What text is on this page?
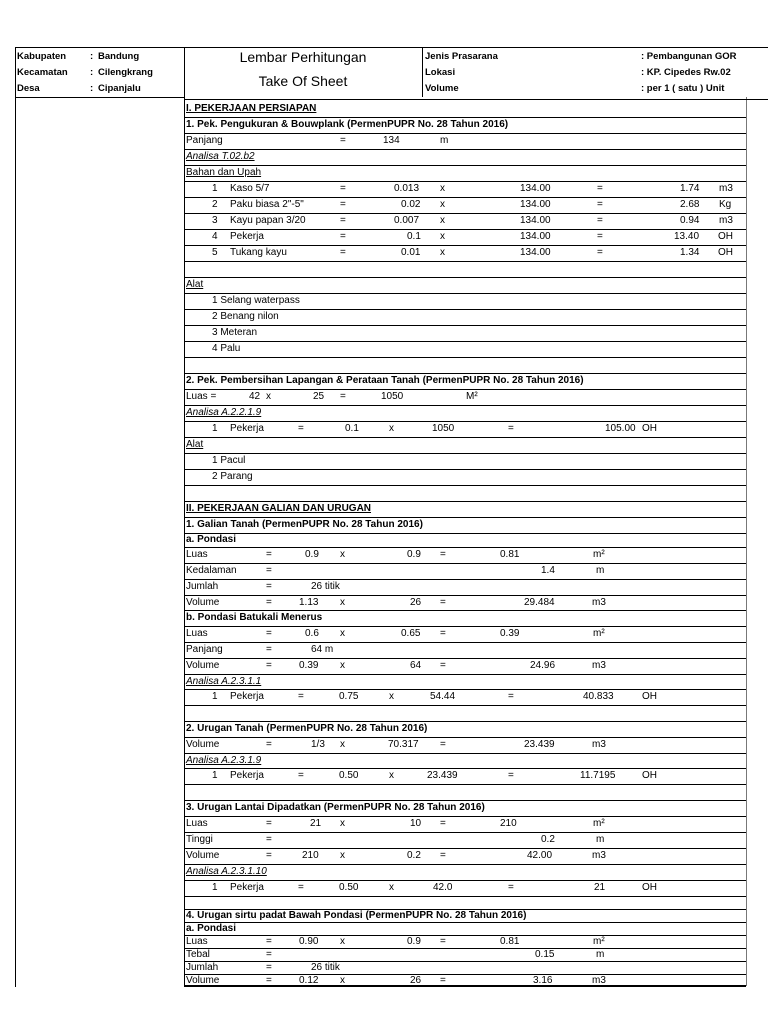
Kabupaten	: Bandung
Kecamatan : Cilengkrang
Desa	: Cipanjalu
Lembar Perhitungan
Take Of Sheet
Jenis Prasarana	: Pembangunan GOR
Lokasi	: KP. Cipedes Rw.02
Volume	: per 1 ( satu ) Unit
I. PEKERJAAN PERSIAPAN
1. Pek. Pengukuran & Bouwplank (PermenPUPR No. 28 Tahun 2016)
Panjang	=	134	m
Analisa T.02.b2
Bahan dan Upah
1 Kaso 5/7	=	0.013 x	134.00	=	1.74 m3
2 Paku biasa 2"-5"	=	0.02 x	134.00	=	2.68 Kg
3 Kayu papan 3/20	=	0.007 x	134.00	=	0.94 m3
4 Pekerja	=	0.1 x	134.00	=	13.40 OH
5 Tukang kayu	=	0.01 x	134.00	=	1.34 OH
Alat
1 Selang waterpass
2 Benang nilon
3 Meteran
4 Palu
2. Pek. Pembersihan Lapangan & Perataan Tanah (PermenPUPR No. 28 Tahun 2016)
Luas =	42 x	25 =	1050	M²
Analisa A.2.2.1.9
1 Pekerja	=	0.1	x	1050	=	105.00 OH
Alat
1 Pacul
2 Parang
II. PEKERJAAN GALIAN DAN URUGAN
1. Galian Tanah (PermenPUPR No. 28 Tahun 2016)
a. Pondasi
Luas	=	0.9 x	0.9 =	0.81	m²
Kedalaman	=	1.4	m
Jumlah	=	26 titik
Volume	=	1.13 x	26 =	29.484	m3
b. Pondasi Batukali Menerus
Luas	=	0.6 x	0.65 =	0.39	m²
Panjang	=	64 m
Volume	=	0.39 x	64 =	24.96	m3
Analisa A.2.3.1.1
1 Pekerja	=	0.75	x	54.44	=	40.833	OH
2. Urugan Tanah (PermenPUPR No. 28 Tahun 2016)
Volume	=	1/3 x	70.317 =	23.439	m3
Analisa A.2.3.1.9
1 Pekerja	=	0.50	x	23.439	=	11.7195	OH
3. Urugan Lantai Dipadatkan (PermenPUPR No. 28 Tahun 2016)
Luas	=	21 x	10 =	210	m²
Tinggi	=	0.2	m
Volume	=	210 x	0.2 =	42.00	m3
Analisa A.2.3.1.10
1 Pekerja	=	0.50	x	42.0	=	21	OH
4. Urugan sirtu padat Bawah Pondasi (PermenPUPR No. 28 Tahun 2016)
a. Pondasi
Luas	=	0.90 x	0.9 =	0.81	m²
Tebal	=	0.15	m
Jumlah	=	26 titik
Volume	=	0.12 x	26 =	3.16	m3
